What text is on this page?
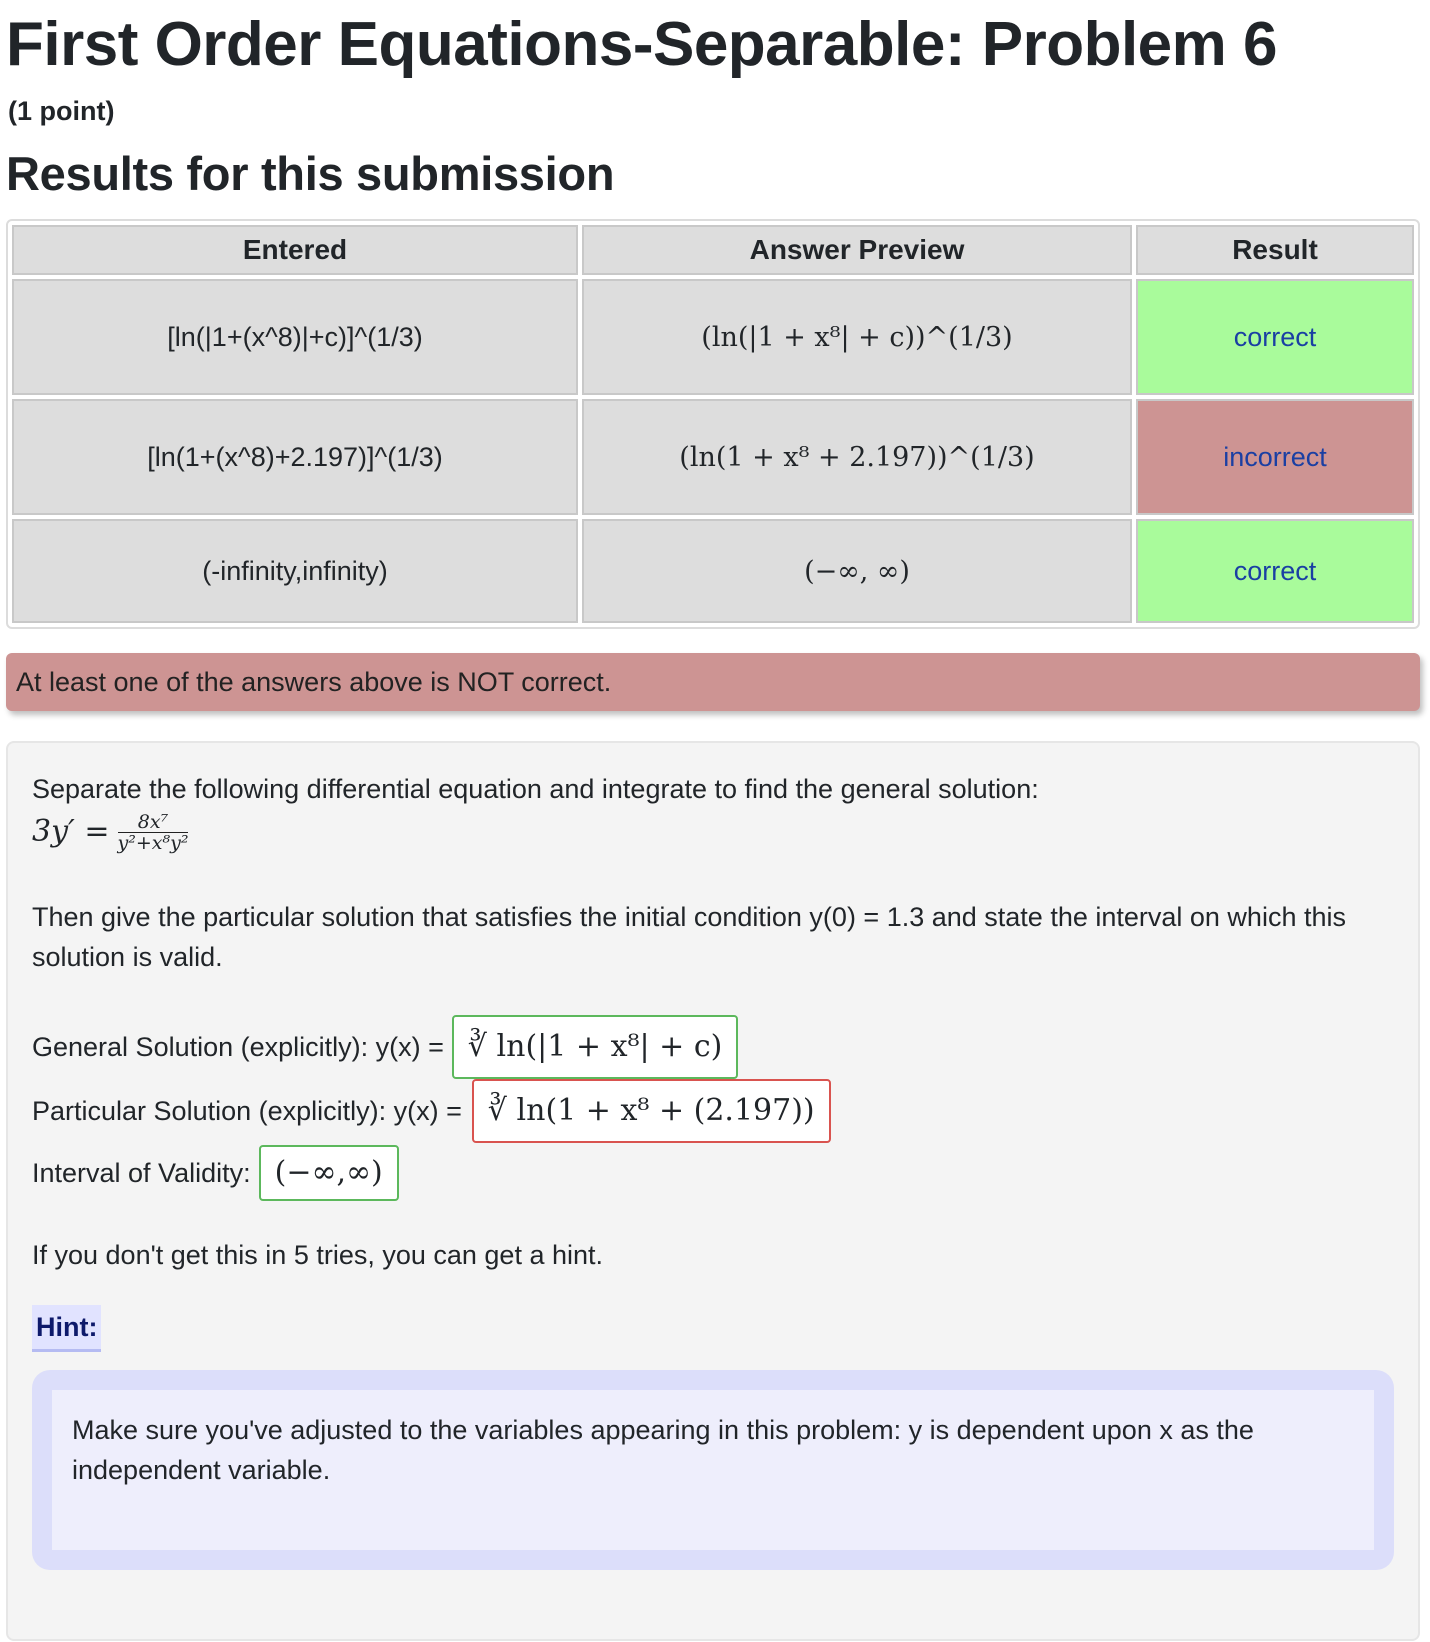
First Order Equations-Separable: Problem 6
(1 point)
Results for this submission
Entered	Answer Preview	Result
[ln(|1+(x^8)|+c)]^(1/3)	(ln(|1 + x⁸| + c))^(1/3)	correct
[ln(1+(x^8)+2.197)]^(1/3)	(ln(1 + x⁸ + 2.197))^(1/3)	incorrect
(-infinity,infinity)	(−∞, ∞)	correct
At least one of the answers above is NOT correct.
Separate the following differential equation and integrate to find the general solution:
$3y' = \frac{\text{8x⁷}}{\text{y²+x⁸y²}}$
Then give the particular solution that satisfies the initial condition y(0) = 1.3 and state the interval on which this solution is valid.
General Solution (explicitly): y(x) = ∛ ln(|1 + x⁸| + c)
Particular Solution (explicitly): y(x) = ∛ ln(1 + x⁸ + (2.197))
Interval of Validity: (−∞,∞)
If you don't get this in 5 tries, you can get a hint.
Hint:
Make sure you've adjusted to the variables appearing in this problem: y is dependent upon x as the independent variable.
